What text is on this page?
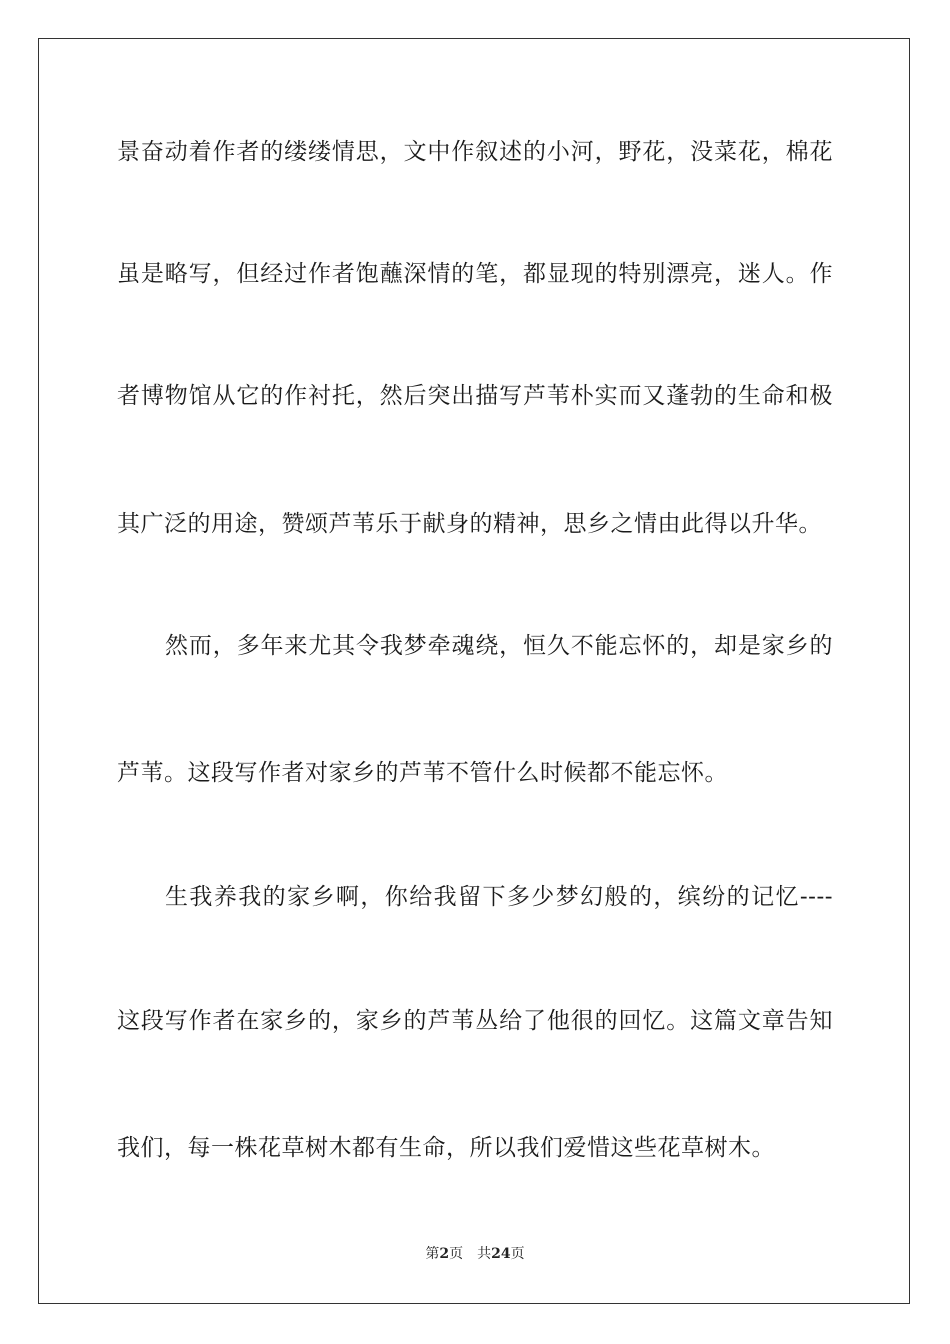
景奋动着作者的缕缕情思，文中作叙述的小河，野花，没菜花，棉花
虽是略写，但经过作者饱蘸深情的笔，都显现的特别漂亮，迷人。作
者博物馆从它的作衬托，然后突出描写芦苇朴实而又蓬勃的生命和极
其广泛的用途，赞颂芦苇乐于献身的精神，思乡之情由此得以升华。
然而，多年来尤其令我梦牵魂绕，恒久不能忘怀的，却是家乡的
芦苇。这段写作者对家乡的芦苇不管什么时候都不能忘怀。
生我养我的家乡啊，你给我留下多少梦幻般的，缤纷的记忆----
这段写作者在家乡的，家乡的芦苇丛给了他很的回忆。这篇文章告知
我们，每一株花草树木都有生命，所以我们爱惜这些花草树木。
第2页 共24页
